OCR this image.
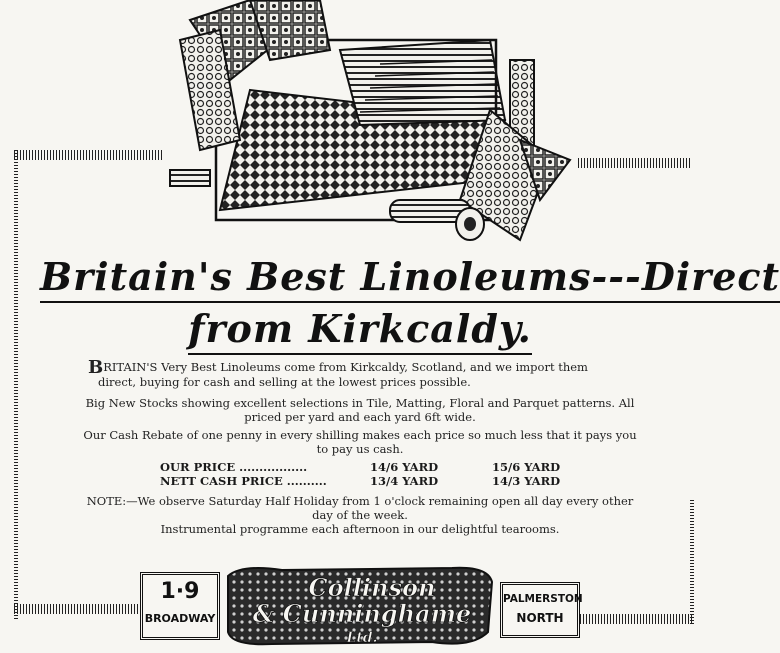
Britain's Best Linoleums---Direct
from Kirkcaldy.
BRITAIN'S Very Best Linoleums come from Kirkcaldy, Scotland, and we import them
direct, buying for cash and selling at the lowest prices possible.
Big New Stocks showing excellent selections in Tile, Matting, Floral and Parquet patterns. All priced per yard and each yard 6ft wide.
Our Cash Rebate of one penny in every shilling makes each price so much less that it pays you to pay us cash.
OUR PRICE .................	14/6 YARD	15/6 YARD
NETT CASH PRICE ..........	13/4 YARD	14/3 YARD
NOTE:—We observe Saturday Half Holiday from 1 o'clock remaining open all day every other day of the week.
Instrumental programme each afternoon in our delightful tearooms.
Collinson
& Cunninghame
Ltd.
1·9
BROADWAY
PALMERSTON
NORTH
